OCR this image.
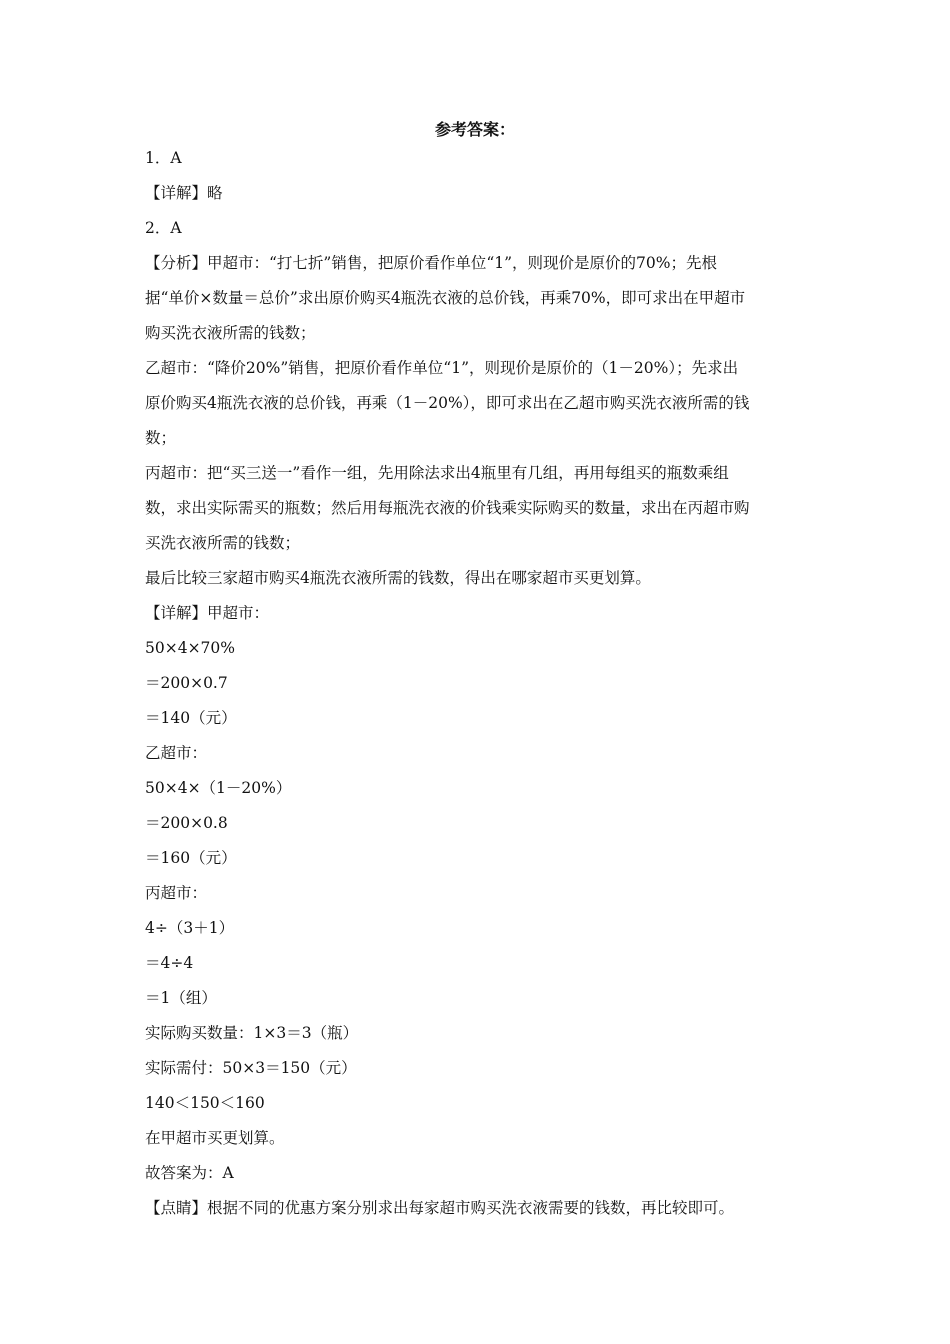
参考答案：
1．A
【详解】略
2．A
【分析】甲超市：“打七折”销售，把原价看作单位“1”，则现价是原价的70%；先根
据“单价×数量＝总价”求出原价购买4瓶洗衣液的总价钱，再乘70%，即可求出在甲超市
购买洗衣液所需的钱数；
乙超市：“降价20%”销售，把原价看作单位“1”，则现价是原价的（1－20%）；先求出
原价购买4瓶洗衣液的总价钱，再乘（1－20%），即可求出在乙超市购买洗衣液所需的钱
数；
丙超市：把“买三送一”看作一组，先用除法求出4瓶里有几组，再用每组买的瓶数乘组
数，求出实际需买的瓶数；然后用每瓶洗衣液的价钱乘实际购买的数量，求出在丙超市购
买洗衣液所需的钱数；
最后比较三家超市购买4瓶洗衣液所需的钱数，得出在哪家超市买更划算。
【详解】甲超市：
50×4×70%
＝200×0.7
＝140（元）
乙超市：
50×4×（1－20%）
＝200×0.8
＝160（元）
丙超市：
4÷（3＋1）
＝4÷4
＝1（组）
实际购买数量：1×3＝3（瓶）
实际需付：50×3＝150（元）
140＜150＜160
在甲超市买更划算。
故答案为：A
【点睛】根据不同的优惠方案分别求出每家超市购买洗衣液需要的钱数，再比较即可。
